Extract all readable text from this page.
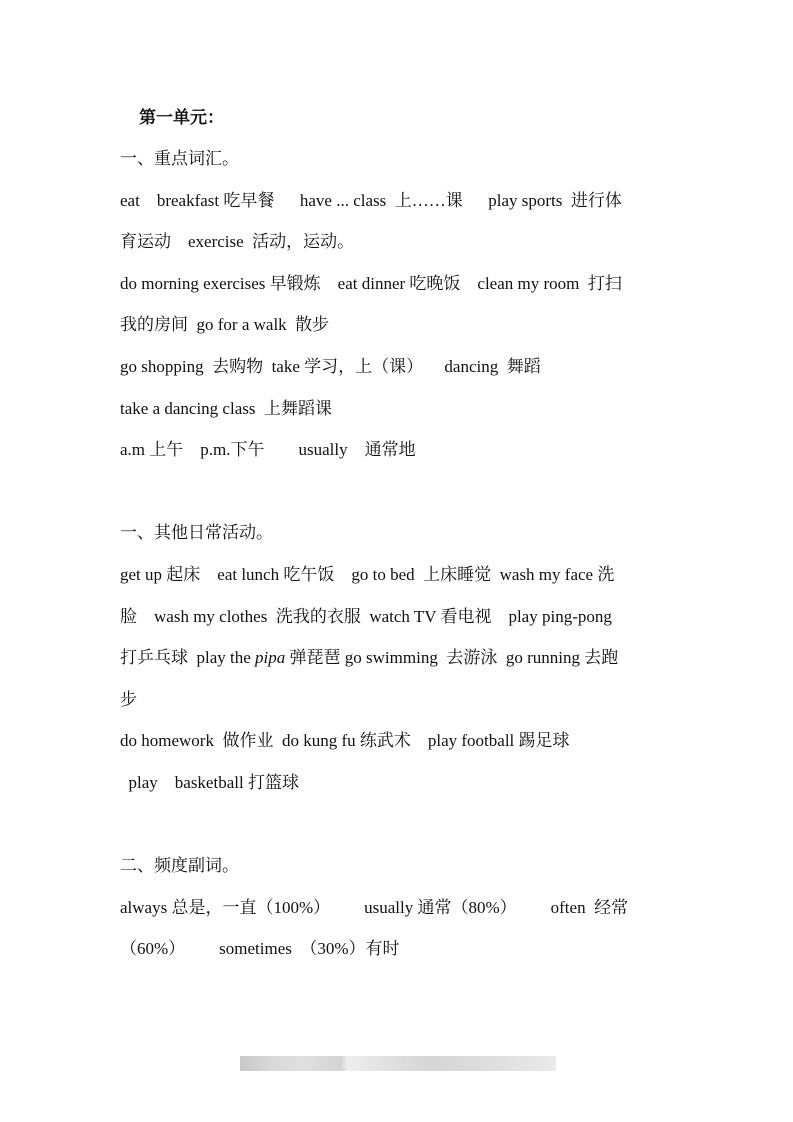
第一单元：
一、重点词汇。
eat    breakfast 吃早餐      have ... class  上……课      play sports  进行体
育运动    exercise  活动，运动。
do morning exercises 早锻炼    eat dinner 吃晚饭    clean my room  打扫
我的房间  go for a walk  散步
go shopping  去购物  take 学习，上（课）     dancing  舞蹈
take a dancing class  上舞蹈课
a.m 上午    p.m.下午        usually    通常地
一、其他日常活动。
get up 起床    eat lunch 吃午饭    go to bed  上床睡觉  wash my face 洗
脸    wash my clothes  洗我的衣服  watch TV 看电视    play ping-pong
打乒乓球  play the pipa 弹琵琶 go swimming  去游泳  go running 去跑
步
do homework  做作业  do kung fu 练武术    play football 踢足球
play    basketball 打篮球
二、频度副词。
always 总是，一直（100%）        usually 通常（80%）        often  经常
（60%）        sometimes  （30%）有时
